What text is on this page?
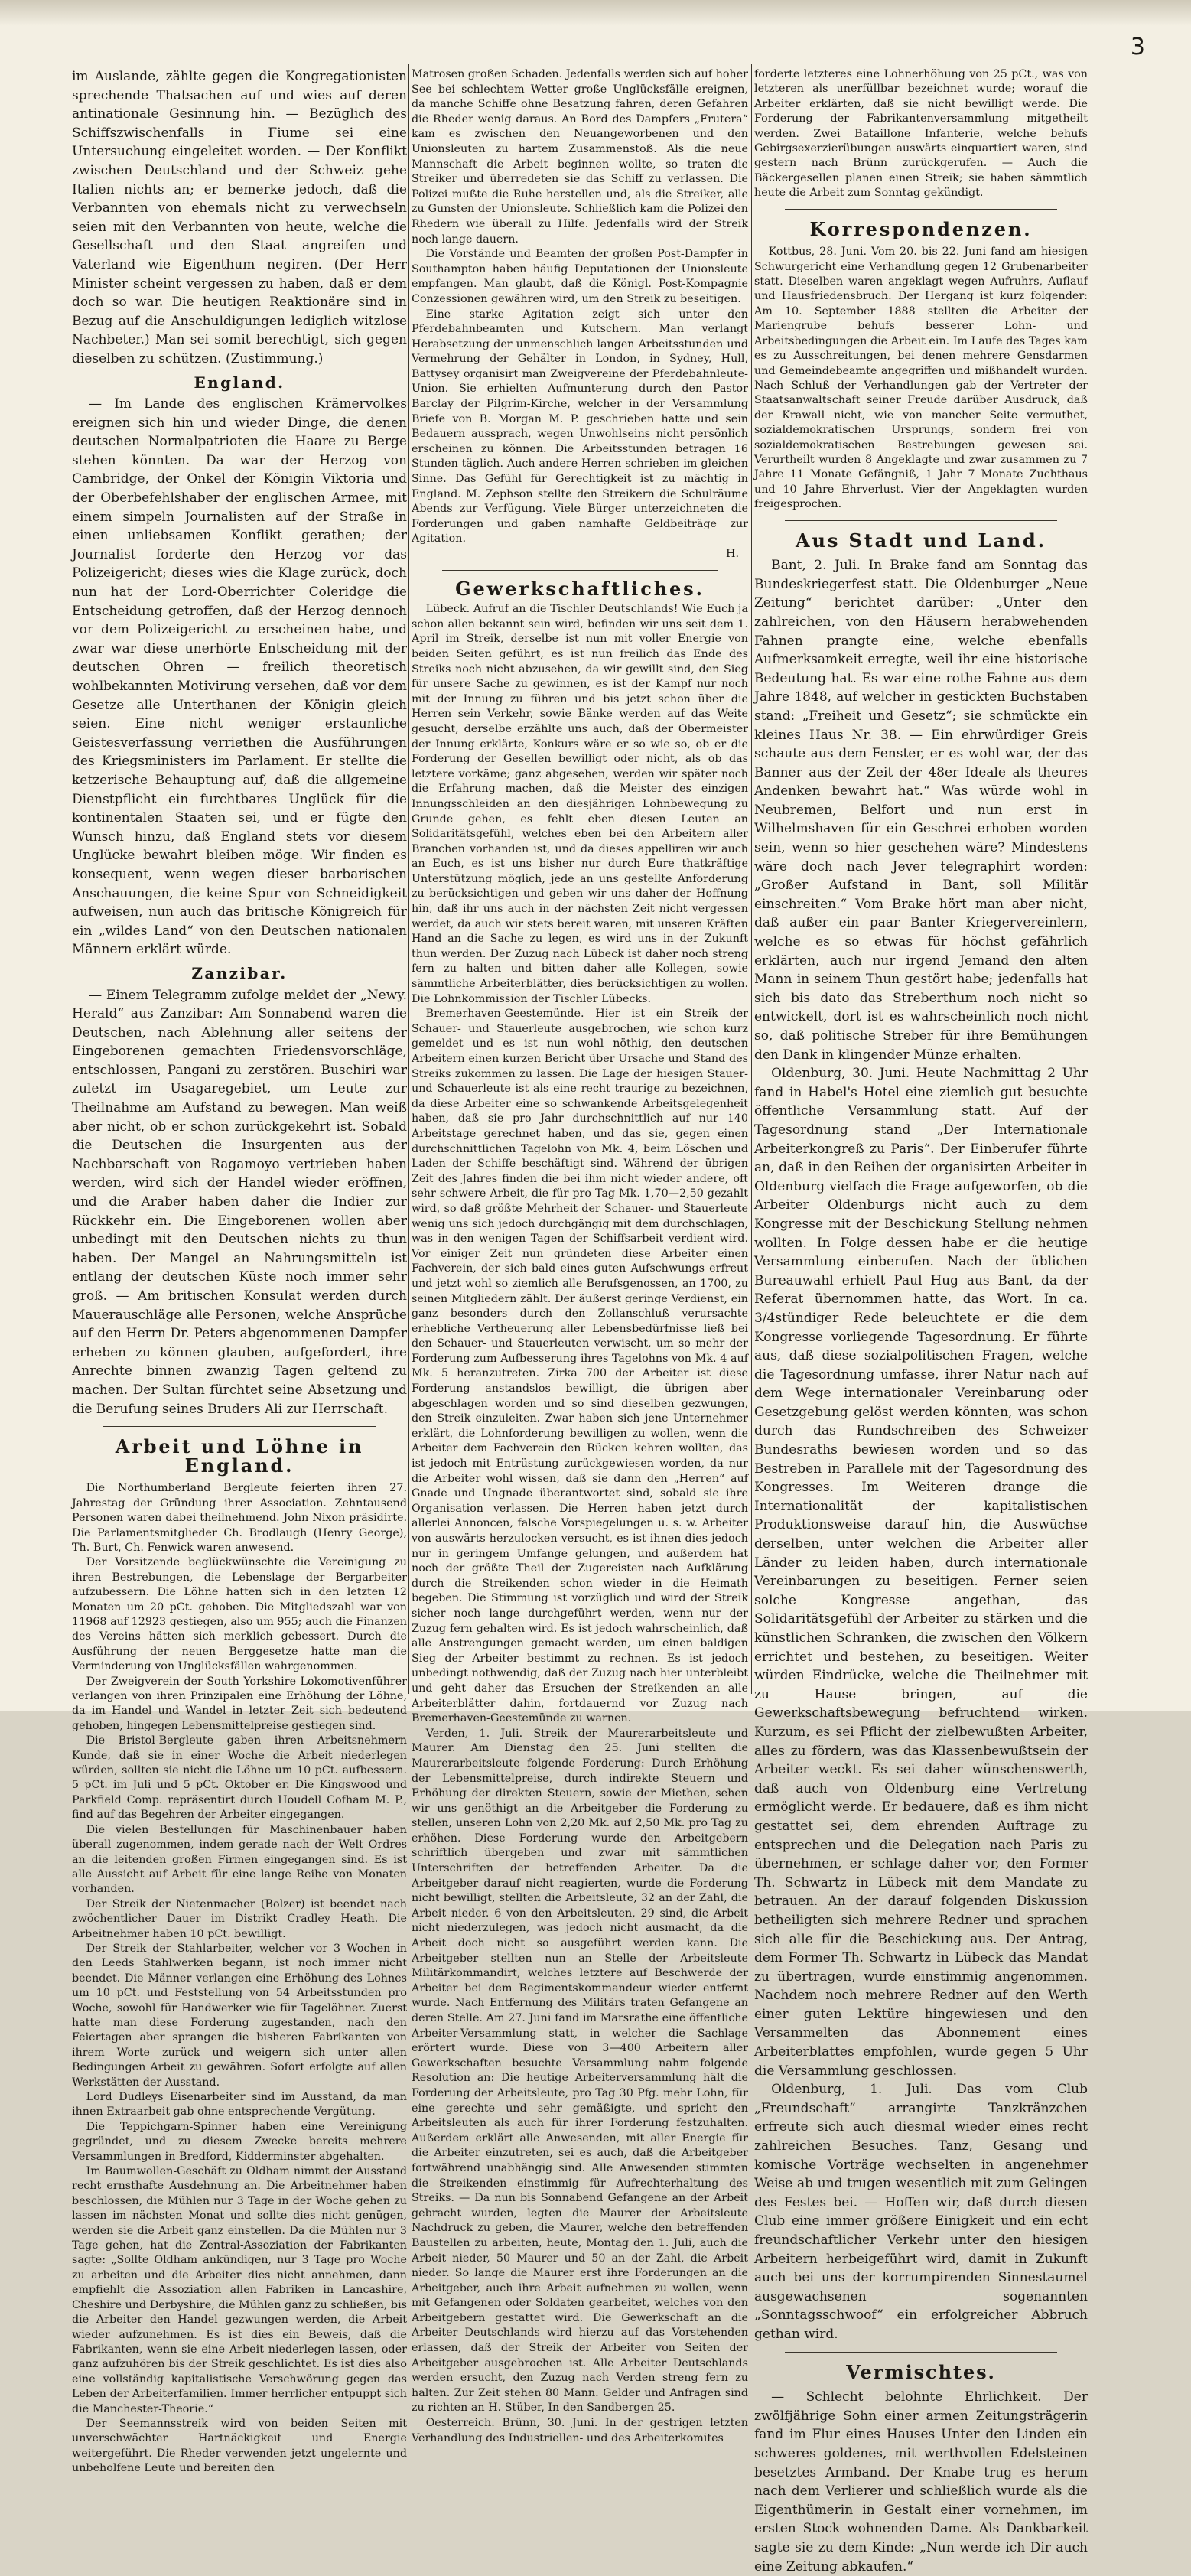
3

im Auslande, zählte gegen die Kongregationisten sprechende Thatsachen auf und wies auf deren antinationale Gesinnung hin. — Bezüglich des Schiffszwischenfalls in Fiume sei eine Untersuchung eingeleitet worden. — Der Konflikt zwischen Deutschland und der Schweiz gehe Italien nichts an; er bemerke jedoch, daß die Verbannten von ehemals nicht zu verwechseln seien mit den Verbannten von heute, welche die Gesellschaft und den Staat angreifen und Vaterland wie Eigenthum negiren. (Der Herr Minister scheint vergessen zu haben, daß er dem doch so war. Die heutigen Reaktionäre sind in Bezug auf die Anschuldigungen lediglich witzlose Nachbeter.) Man sei somit berechtigt, sich gegen dieselben zu schützen. (Zustimmung.)

England.

— Im Lande des englischen Krämervolkes ereignen sich hin und wieder Dinge, die denen deutschen Normalpatrioten die Haare zu Berge stehen könnten. Da war der Herzog von Cambridge, der Onkel der Königin Viktoria und der Oberbefehlshaber der englischen Armee, mit einem simpeln Journalisten auf der Straße in einen unliebsamen Konflikt gerathen; der Journalist forderte den Herzog vor das Polizeigericht; dieses wies die Klage zurück, doch nun hat der Lord-Oberrichter Coleridge die Entscheidung getroffen, daß der Herzog dennoch vor dem Polizeigericht zu erscheinen habe, und zwar war diese unerhörte Entscheidung mit der deutschen Ohren — freilich theoretisch wohlbekannten Motivirung versehen, daß vor dem Gesetze alle Unterthanen der Königin gleich seien. Eine nicht weniger erstaunliche Geistesverfassung verriethen die Ausführungen des Kriegsministers im Parlament. Er stellte die ketzerische Behauptung auf, daß die allgemeine Dienstpflicht ein furchtbares Unglück für die kontinentalen Staaten sei, und er fügte den Wunsch hinzu, daß England stets vor diesem Unglücke bewahrt bleiben möge. Wir finden es konsequent, wenn wegen dieser barbarischen Anschauungen, die keine Spur von Schneidigkeit aufweisen, nun auch das britische Königreich für ein „wildes Land“ von den Deutschen nationalen Männern erklärt würde.

Zanzibar.

— Einem Telegramm zufolge meldet der „Newy. Herald“ aus Zanzibar: Am Sonnabend waren die Deutschen, nach Ablehnung aller seitens der Eingeborenen gemachten Friedensvorschläge, entschlossen, Pangani zu zerstören. Buschiri war zuletzt im Usagaregebiet, um Leute zur Theilnahme am Aufstand zu bewegen. Man weiß aber nicht, ob er schon zurückgekehrt ist. Sobald die Deutschen die Insurgenten aus der Nachbarschaft von Ragamoyo vertrieben haben werden, wird sich der Handel wieder eröffnen, und die Araber haben daher die Indier zur Rückkehr ein. Die Eingeborenen wollen aber unbedingt mit den Deutschen nichts zu thun haben. Der Mangel an Nahrungsmitteln ist entlang der deutschen Küste noch immer sehr groß. — Am britischen Konsulat werden durch Mauerauschläge alle Personen, welche Ansprüche auf den Herrn Dr. Peters abgenommenen Dampfer erheben zu können glauben, aufgefordert, ihre Anrechte binnen zwanzig Tagen geltend zu machen. Der Sultan fürchtet seine Absetzung und die Berufung seines Bruders Ali zur Herrschaft.

Arbeit und Löhne in England.

Die Northumberland Bergleute feierten ihren 27. Jahrestag der Gründung ihrer Association. Zehntausend Personen waren dabei theilnehmend. John Nixon präsidirte. Die Parlamentsmitglieder Ch. Brodlaugh (Henry George), Th. Burt, Ch. Fenwick waren anwesend.

Der Vorsitzende beglückwünschte die Vereinigung zu ihren Bestrebungen, die Lebenslage der Bergarbeiter aufzubessern. Die Löhne hatten sich in den letzten 12 Monaten um 20 pCt. gehoben. Die Mitgliedszahl war von 11968 auf 12923 gestiegen, also um 955; auch die Finanzen des Vereins hätten sich merklich gebessert. Durch die Ausführung der neuen Berggesetze hatte man die Verminderung von Unglücksfällen wahrgenommen.

Der Zweigverein der South Yorkshire Lokomotivenführer verlangen von ihren Prinzipalen eine Erhöhung der Löhne, da im Handel und Wandel in letzter Zeit sich bedeutend gehoben, hingegen Lebensmittelpreise gestiegen sind.

Die Bristol-Bergleute gaben ihren Arbeitsnehmern Kunde, daß sie in einer Woche die Arbeit niederlegen würden, sollten sie nicht die Löhne um 10 pCt. aufbessern. 5 pCt. im Juli und 5 pCt. Oktober er. Die Kingswood und Parkfield Comp. repräsentirt durch Houdell Cofham M. P., find auf das Begehren der Arbeiter eingegangen.

Die vielen Bestellungen für Maschinenbauer haben überall zugenommen, indem gerade nach der Welt Ordres an die leitenden großen Firmen eingegangen sind. Es ist alle Aussicht auf Arbeit für eine lange Reihe von Monaten vorhanden.

Der Streik der Nietenmacher (Bolzer) ist beendet nach zwöchentlicher Dauer im Distrikt Cradley Heath. Die Arbeitnehmer haben 10 pCt. bewilligt.

Der Streik der Stahlarbeiter, welcher vor 3 Wochen in den Leeds Stahlwerken begann, ist noch immer nicht beendet. Die Männer verlangen eine Erhöhung des Lohnes um 10 pCt. und Feststellung von 54 Arbeitsstunden pro Woche, sowohl für Handwerker wie für Tagelöhner. Zuerst hatte man diese Forderung zugestanden, nach den Feiertagen aber sprangen die bisheren Fabrikanten von ihrem Worte zurück und weigern sich unter allen Bedingungen Arbeit zu gewähren. Sofort erfolgte auf allen Werkstätten der Ausstand.

Lord Dudleys Eisenarbeiter sind im Ausstand, da man ihnen Extraarbeit gab ohne entsprechende Vergütung.

Die Teppichgarn-Spinner haben eine Vereinigung gegründet, und zu diesem Zwecke bereits mehrere Versammlungen in Bredford, Kidderminster abgehalten.

Im Baumwollen-Geschäft zu Oldham nimmt der Ausstand recht ernsthafte Ausdehnung an. Die Arbeitnehmer haben beschlossen, die Mühlen nur 3 Tage in der Woche gehen zu lassen im nächsten Monat und sollte dies nicht genügen, werden sie die Arbeit ganz einstellen. Da die Mühlen nur 3 Tage gehen, hat die Zentral-Assoziation der Fabrikanten sagte: „Sollte Oldham ankündigen, nur 3 Tage pro Woche zu arbeiten und die Arbeiter dies nicht annehmen, dann empfiehlt die Assoziation allen Fabriken in Lancashire, Cheshire und Derbyshire, die Mühlen ganz zu schließen, bis die Arbeiter den Handel gezwungen werden, die Arbeit wieder aufzunehmen. Es ist dies ein Beweis, daß die Fabrikanten, wenn sie eine Arbeit niederlegen lassen, oder ganz aufzuhören bis der Streik geschlichtet. Es ist dies also eine vollständig kapitalistische Verschwörung gegen das Leben der Arbeiterfamilien. Immer herrlicher entpuppt sich die Manchester-Theorie.“

Der Seemannsstreik wird von beiden Seiten mit unverschwächter Hartnäckigkeit und Energie weitergeführt. Die Rheder verwenden jetzt ungelernte und unbeholfene Leute und bereiten den

Matrosen großen Schaden. Jedenfalls werden sich auf hoher See bei schlechtem Wetter große Unglücksfälle ereignen, da manche Schiffe ohne Besatzung fahren, deren Gefahren die Rheder wenig daraus. An Bord des Dampfers „Frutera“ kam es zwischen den Neuangeworbenen und den Unionsleuten zu hartem Zusammenstoß. Als die neue Mannschaft die Arbeit beginnen wollte, so traten die Streiker und überredeten sie das Schiff zu verlassen. Die Polizei mußte die Ruhe herstellen und, als die Streiker, alle zu Gunsten der Unionsleute. Schließlich kam die Polizei den Rhedern wie überall zu Hilfe. Jedenfalls wird der Streik noch lange dauern.

Die Vorstände und Beamten der großen Post-Dampfer in Southampton haben häufig Deputationen der Unionsleute empfangen. Man glaubt, daß die Königl. Post-Kompagnie Conzessionen gewähren wird, um den Streik zu beseitigen.

Eine starke Agitation zeigt sich unter den Pferdebahnbeamten und Kutschern. Man verlangt Herabsetzung der unmenschlich langen Arbeitsstunden und Vermehrung der Gehälter in London, in Sydney, Hull, Battysey organisirt man Zweigvereine der Pferdebahnleute-Union. Sie erhielten Aufmunterung durch den Pastor Barclay der Pilgrim-Kirche, welcher in der Versammlung Briefe von B. Morgan M. P. geschrieben hatte und sein Bedauern aussprach, wegen Unwohlseins nicht persönlich erscheinen zu können. Die Arbeitsstunden betragen 16 Stunden täglich. Auch andere Herren schrieben im gleichen Sinne. Das Gefühl für Gerechtigkeit ist zu mächtig in England. M. Zephson stellte den Streikern die Schulräume Abends zur Verfügung. Viele Bürger unterzeichneten die Forderungen und gaben namhafte Geldbeiträge zur Agitation.

H.

Gewerkschaftliches.

Lübeck. Aufruf an die Tischler Deutschlands! Wie Euch ja schon allen bekannt sein wird, befinden wir uns seit dem 1. April im Streik, derselbe ist nun mit voller Energie von beiden Seiten geführt, es ist nun freilich das Ende des Streiks noch nicht abzusehen, da wir gewillt sind, den Sieg für unsere Sache zu gewinnen, es ist der Kampf nur noch mit der Innung zu führen und bis jetzt schon über die Herren sein Verkehr, sowie Bänke werden auf das Weite gesucht, derselbe erzählte uns auch, daß der Obermeister der Innung erklärte, Konkurs wäre er so wie so, ob er die Forderung der Gesellen bewilligt oder nicht, als ob das letztere vorkäme; ganz abgesehen, werden wir später noch die Erfahrung machen, daß die Meister des einzigen Innungsschleiden an den diesjährigen Lohnbewegung zu Grunde gehen, es fehlt eben diesen Leuten an Solidaritätsgefühl, welches eben bei den Arbeitern aller Branchen vorhanden ist, und da dieses appelliren wir auch an Euch, es ist uns bisher nur durch Eure thatkräftige Unterstützung möglich, jede an uns gestellte Anforderung zu berücksichtigen und geben wir uns daher der Hoffnung hin, daß ihr uns auch in der nächsten Zeit nicht vergessen werdet, da auch wir stets bereit waren, mit unseren Kräften Hand an die Sache zu legen, es wird uns in der Zukunft thun werden. Der Zuzug nach Lübeck ist daher noch streng fern zu halten und bitten daher alle Kollegen, sowie sämmtliche Arbeiterblätter, dies berücksichtigen zu wollen. Die Lohnkommission der Tischler Lübecks.

Bremerhaven-Geestemünde. Hier ist ein Streik der Schauer- und Stauerleute ausgebrochen, wie schon kurz gemeldet und es ist nun wohl nöthig, den deutschen Arbeitern einen kurzen Bericht über Ursache und Stand des Streiks zukommen zu lassen. Die Lage der hiesigen Stauer- und Schauerleute ist als eine recht traurige zu bezeichnen, da diese Arbeiter eine so schwankende Arbeitsgelegenheit haben, daß sie pro Jahr durchschnittlich auf nur 140 Arbeitstage gerechnet haben, und das sie, gegen einen durchschnittlichen Tagelohn von Mk. 4, beim Löschen und Laden der Schiffe beschäftigt sind. Während der übrigen Zeit des Jahres finden die bei ihm nicht wieder andere, oft sehr schwere Arbeit, die für pro Tag Mk. 1,70—2,50 gezahlt wird, so daß größte Mehrheit der Schauer- und Stauerleute wenig uns sich jedoch durchgängig mit dem durchschlagen, was in den wenigen Tagen der Schiffsarbeit verdient wird. Vor einiger Zeit nun gründeten diese Arbeiter einen Fachverein, der sich bald eines guten Aufschwungs erfreut und jetzt wohl so ziemlich alle Berufsgenossen, an 1700, zu seinen Mitgliedern zählt. Der äußerst geringe Verdienst, ein ganz besonders durch den Zollanschluß verursachte erhebliche Vertheuerung aller Lebensbedürfnisse ließ bei den Schauer- und Stauerleuten verwischt, um so mehr der Forderung zum Aufbesserung ihres Tagelohns von Mk. 4 auf Mk. 5 heranzutreten. Zirka 700 der Arbeiter ist diese Forderung anstandslos bewilligt, die übrigen aber abgeschlagen worden und so sind dieselben gezwungen, den Streik einzuleiten. Zwar haben sich jene Unternehmer erklärt, die Lohnforderung bewilligen zu wollen, wenn die Arbeiter dem Fachverein den Rücken kehren wollten, das ist jedoch mit Entrüstung zurückgewiesen worden, da nur die Arbeiter wohl wissen, daß sie dann den „Herren“ auf Gnade und Ungnade überantwortet sind, sobald sie ihre Organisation verlassen. Die Herren haben jetzt durch allerlei Annoncen, falsche Vorspiegelungen u. s. w. Arbeiter von auswärts herzulocken versucht, es ist ihnen dies jedoch nur in geringem Umfange gelungen, und außerdem hat noch der größte Theil der Zugereisten nach Aufklärung durch die Streikenden schon wieder in die Heimath begeben. Die Stimmung ist vorzüglich und wird der Streik sicher noch lange durchgeführt werden, wenn nur der Zuzug fern gehalten wird. Es ist jedoch wahrscheinlich, daß alle Anstrengungen gemacht werden, um einen baldigen Sieg der Arbeiter bestimmt zu rechnen. Es ist jedoch unbedingt nothwendig, daß der Zuzug nach hier unterbleibt und geht daher das Ersuchen der Streikenden an alle Arbeiterblätter dahin, fortdauernd vor Zuzug nach Bremerhaven-Geestemünde zu warnen.

Verden, 1. Juli. Streik der Maurerarbeitsleute und Maurer. Am Dienstag den 25. Juni stellten die Maurerarbeitsleute folgende Forderung: Durch Erhöhung der Lebensmittelpreise, durch indirekte Steuern und Erhöhung der direkten Steuern, sowie der Miethen, sehen wir uns genöthigt an die Arbeitgeber die Forderung zu stellen, unseren Lohn von 2,20 Mk. auf 2,50 Mk. pro Tag zu erhöhen. Diese Forderung wurde den Arbeitgebern schriftlich übergeben und zwar mit sämmtlichen Unterschriften der betreffenden Arbeiter. Da die Arbeitgeber darauf nicht reagierten, wurde die Forderung nicht bewilligt, stellten die Arbeitsleute, 32 an der Zahl, die Arbeit nieder. 6 von den Arbeitsleuten, 29 sind, die Arbeit nicht niederzulegen, was jedoch nicht ausmacht, da die Arbeit doch nicht so ausgeführt werden kann. Die Arbeitgeber stellten nun an Stelle der Arbeitsleute Militärkommandirt, welches letztere auf Beschwerde der Arbeiter bei dem Regimentskommandeur wieder entfernt wurde. Nach Entfernung des Militärs traten Gefangene an deren Stelle. Am 27. Juni fand im Marsrathe eine öffentliche Arbeiter-Versammlung statt, in welcher die Sachlage erörtert wurde. Diese von 3—400 Arbeitern aller Gewerkschaften besuchte Versammlung nahm folgende Resolution an: Die heutige Arbeiterversammlung hält die Forderung der Arbeitsleute, pro Tag 30 Pfg. mehr Lohn, für eine gerechte und sehr gemäßigte, und spricht den Arbeitsleuten als auch für ihrer Forderung festzuhalten. Außerdem erklärt alle Anwesenden, mit aller Energie für die Arbeiter einzutreten, sei es auch, daß die Arbeitgeber fortwährend unabhängig sind. Alle Anwesenden stimmten die Streikenden einstimmig für Aufrechterhaltung des Streiks. — Da nun bis Sonnabend Gefangene an der Arbeit gebracht wurden, legten die Maurer der Arbeitsleute Nachdruck zu geben, die Maurer, welche den betreffenden Baustellen zu arbeiten, heute, Montag den 1. Juli, auch die Arbeit nieder, 50 Maurer und 50 an der Zahl, die Arbeit nieder. So lange die Maurer erst ihre Forderungen an die Arbeitgeber, auch ihre Arbeit aufnehmen zu wollen, wenn mit Gefangenen oder Soldaten gearbeitet, welches von den Arbeitgebern gestattet wird. Die Gewerkschaft an die Arbeiter Deutschlands wird hierzu auf das Vorstehenden erlassen, daß der Streik der Arbeiter von Seiten der Arbeitgeber ausgebrochen ist. Alle Arbeiter Deutschlands werden ersucht, den Zuzug nach Verden streng fern zu halten. Zur Zeit stehen 80 Mann. Gelder und Anfragen sind zu richten an H. Stüber, In den Sandbergen 25.

Oesterreich. Brünn, 30. Juni. In der gestrigen letzten Verhandlung des Industriellen- und des Arbeiterkomites

forderte letzteres eine Lohnerhöhung von 25 pCt., was von letzteren als unerfüllbar bezeichnet wurde; worauf die Arbeiter erklärten, daß sie nicht bewilligt werde. Die Forderung der Fabrikantenversammlung mitgetheilt werden. Zwei Bataillone Infanterie, welche behufs Gebirgsexerzierübungen auswärts einquartiert waren, sind gestern nach Brünn zurückgerufen. — Auch die Bäckergesellen planen einen Streik; sie haben sämmtlich heute die Arbeit zum Sonntag gekündigt.

Korrespondenzen.

Kottbus, 28. Juni. Vom 20. bis 22. Juni fand am hiesigen Schwurgericht eine Verhandlung gegen 12 Grubenarbeiter statt. Dieselben waren angeklagt wegen Aufruhrs, Auflauf und Hausfriedensbruch. Der Hergang ist kurz folgender: Am 10. September 1888 stellten die Arbeiter der Mariengrube behufs besserer Lohn- und Arbeitsbedingungen die Arbeit ein. Im Laufe des Tages kam es zu Ausschreitungen, bei denen mehrere Gensdarmen und Gemeindebeamte angegriffen und mißhandelt wurden. Nach Schluß der Verhandlungen gab der Vertreter der Staatsanwaltschaft seiner Freude darüber Ausdruck, daß der Krawall nicht, wie von mancher Seite vermuthet, sozialdemokratischen Ursprungs, sondern frei von sozialdemokratischen Bestrebungen gewesen sei. Verurtheilt wurden 8 Angeklagte und zwar zusammen zu 7 Jahre 11 Monate Gefängniß, 1 Jahr 7 Monate Zuchthaus und 10 Jahre Ehrverlust. Vier der Angeklagten wurden freigesprochen.

Aus Stadt und Land.

Bant, 2. Juli. In Brake fand am Sonntag das Bundeskriegerfest statt. Die Oldenburger „Neue Zeitung“ berichtet darüber: „Unter den zahlreichen, von den Häusern herabwehenden Fahnen prangte eine, welche ebenfalls Aufmerksamkeit erregte, weil ihr eine historische Bedeutung hat. Es war eine rothe Fahne aus dem Jahre 1848, auf welcher in gestickten Buchstaben stand: „Freiheit und Gesetz“; sie schmückte ein kleines Haus Nr. 38. — Ein ehrwürdiger Greis schaute aus dem Fenster, er es wohl war, der das Banner aus der Zeit der 48er Ideale als theures Andenken bewahrt hat.“ Was würde wohl in Neubremen, Belfort und nun erst in Wilhelmshaven für ein Geschrei erhoben worden sein, wenn so hier geschehen wäre? Mindestens wäre doch nach Jever telegraphirt worden: „Großer Aufstand in Bant, soll Militär einschreiten.“ Vom Brake hört man aber nicht, daß außer ein paar Banter Kriegervereinlern, welche es so etwas für höchst gefährlich erklärten, auch nur irgend Jemand den alten Mann in seinem Thun gestört habe; jedenfalls hat sich bis dato das Streberthum noch nicht so entwickelt, dort ist es wahrscheinlich noch nicht so, daß politische Streber für ihre Bemühungen den Dank in klingender Münze erhalten.

Oldenburg, 30. Juni. Heute Nachmittag 2 Uhr fand in Habel's Hotel eine ziemlich gut besuchte öffentliche Versammlung statt. Auf der Tagesordnung stand „Der Internationale Arbeiterkongreß zu Paris“. Der Einberufer führte an, daß in den Reihen der organisirten Arbeiter in Oldenburg vielfach die Frage aufgeworfen, ob die Arbeiter Oldenburgs nicht auch zu dem Kongresse mit der Beschickung Stellung nehmen wollten. In Folge dessen habe er die heutige Versammlung einberufen. Nach der üblichen Bureauwahl erhielt Paul Hug aus Bant, da der Referat übernommen hatte, das Wort. In ca. 3/4stündiger Rede beleuchtete er die dem Kongresse vorliegende Tagesordnung. Er führte aus, daß diese sozialpolitischen Fragen, welche die Tagesordnung umfasse, ihrer Natur nach auf dem Wege internationaler Vereinbarung oder Gesetzgebung gelöst werden könnten, was schon durch das Rundschreiben des Schweizer Bundesraths bewiesen worden und so das Bestreben in Parallele mit der Tagesordnung des Kongresses. Im Weiteren drange die Internationalität der kapitalistischen Produktionsweise darauf hin, die Auswüchse derselben, unter welchen die Arbeiter aller Länder zu leiden haben, durch internationale Vereinbarungen zu beseitigen. Ferner seien solche Kongresse angethan, das Solidaritätsgefühl der Arbeiter zu stärken und die künstlichen Schranken, die zwischen den Völkern errichtet und bestehen, zu beseitigen. Weiter würden Eindrücke, welche die Theilnehmer mit zu Hause bringen, auf die Gewerkschaftsbewegung befruchtend wirken. Kurzum, es sei Pflicht der zielbewußten Arbeiter, alles zu fördern, was das Klassenbewußtsein der Arbeiter weckt. Es sei daher wünschenswerth, daß auch von Oldenburg eine Vertretung ermöglicht werde. Er bedauere, daß es ihm nicht gestattet sei, dem ehrenden Auftrage zu entsprechen und die Delegation nach Paris zu übernehmen, er schlage daher vor, den Former Th. Schwartz in Lübeck mit dem Mandate zu betrauen. An der darauf folgenden Diskussion betheiligten sich mehrere Redner und sprachen sich alle für die Beschickung aus. Der Antrag, dem Former Th. Schwartz in Lübeck das Mandat zu übertragen, wurde einstimmig angenommen. Nachdem noch mehrere Redner auf den Werth einer guten Lektüre hingewiesen und den Versammelten das Abonnement eines Arbeiterblattes empfohlen, wurde gegen 5 Uhr die Versammlung geschlossen.

Oldenburg, 1. Juli. Das vom Club „Freundschaft“ arrangirte Tanzkränzchen erfreute sich auch diesmal wieder eines recht zahlreichen Besuches. Tanz, Gesang und komische Vorträge wechselten in angenehmer Weise ab und trugen wesentlich mit zum Gelingen des Festes bei. — Hoffen wir, daß durch diesen Club eine immer größere Einigkeit und ein echt freundschaftlicher Verkehr unter den hiesigen Arbeitern herbeigeführt wird, damit in Zukunft auch bei uns der korrumpirenden Sinnestaumel ausgewachsenen sogenannten „Sonntagsschwoof“ ein erfolgreicher Abbruch gethan wird.

Vermischtes.

— Schlecht belohnte Ehrlichkeit. Der zwölfjährige Sohn einer armen Zeitungsträgerin fand im Flur eines Hauses Unter den Linden ein schweres goldenes, mit werthvollen Edelsteinen besetztes Armband. Der Knabe trug es herum nach dem Verlierer und schließlich wurde als die Eigenthümerin in Gestalt einer vornehmen, im ersten Stock wohnenden Dame. Als Dankbarkeit sagte sie zu dem Kinde: „Nun werde ich Dir auch eine Zeitung abkaufen.“
